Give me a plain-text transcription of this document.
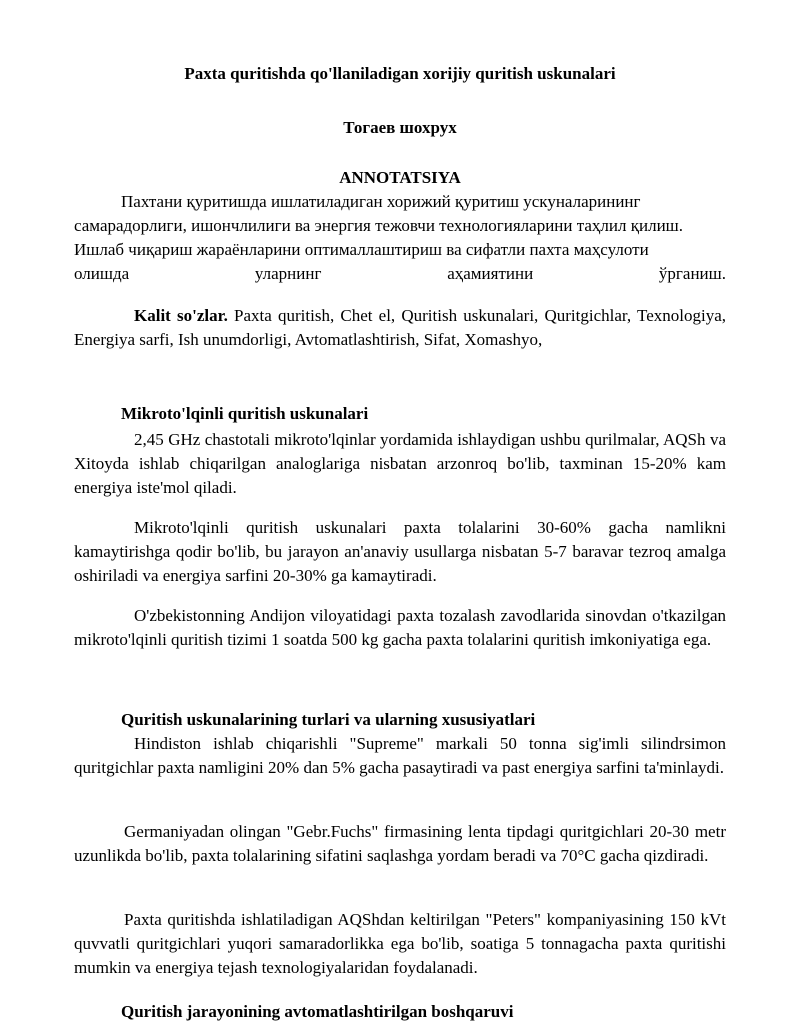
Paxta quritishda qo'llaniladigan xorijiy quritish uskunalari

Тогаев шохрух

ANNOTATSIYA

Пахтани қуритишда ишлатиладиган хорижий қуритиш ускуналарининг
самарадорлиги, ишончлилиги ва энергия тежовчи технологияларини таҳлил қилиш.
Ишлаб чиқариш жараёнларини оптималлаштириш ва сифатли пахта маҳсулоти
олишда	уларнинг	аҳамиятини	ўрганиш.

Kalit so'zlar. Paxta quritish, Chet el, Quritish uskunalari, Quritgichlar, Texnologiya, Energiya sarfi, Ish unumdorligi, Avtomatlashtirish, Sifat, Xomashyo,

Mikroto'lqinli quritish uskunalari

2,45 GHz chastotali mikroto'lqinlar yordamida ishlaydigan ushbu qurilmalar, AQSh va Xitoyda ishlab chiqarilgan analoglariga nisbatan arzonroq bo'lib, taxminan 15-20% kam energiya iste'mol qiladi.

Mikroto'lqinli quritish uskunalari paxta tolalarini 30-60% gacha namlikni kamaytirishga qodir bo'lib, bu jarayon an'anaviy usullarga nisbatan 5-7 baravar tezroq amalga oshiriladi va energiya sarfini 20-30% ga kamaytiradi.

O'zbekistonning Andijon viloyatidagi paxta tozalash zavodlarida sinovdan o'tkazilgan mikroto'lqinli quritish tizimi 1 soatda 500 kg gacha paxta tolalarini quritish imkoniyatiga ega.

Quritish uskunalarining turlari va ularning xususiyatlari

Hindiston ishlab chiqarishli "Supreme" markali 50 tonna sig'imli silindrsimon quritgichlar paxta namligini 20% dan 5% gacha pasaytiradi va past energiya sarfini ta'minlaydi.

Germaniyadan olingan "Gebr.Fuchs" firmasining lenta tipdagi quritgichlari 20-30 metr uzunlikda bo'lib, paxta tolalarining sifatini saqlashga yordam beradi va 70°C gacha qizdiradi.

Paxta quritishda ishlatiladigan AQShdan keltirilgan "Peters" kompaniyasining 150 kVt quvvatli quritgichlari yuqori samaradorlikka ega bo'lib, soatiga 5 tonnagacha paxta quritishi mumkin va energiya tejash texnologiyalaridan foydalanadi.

Quritish jarayonining avtomatlashtirilgan boshqaruvi
